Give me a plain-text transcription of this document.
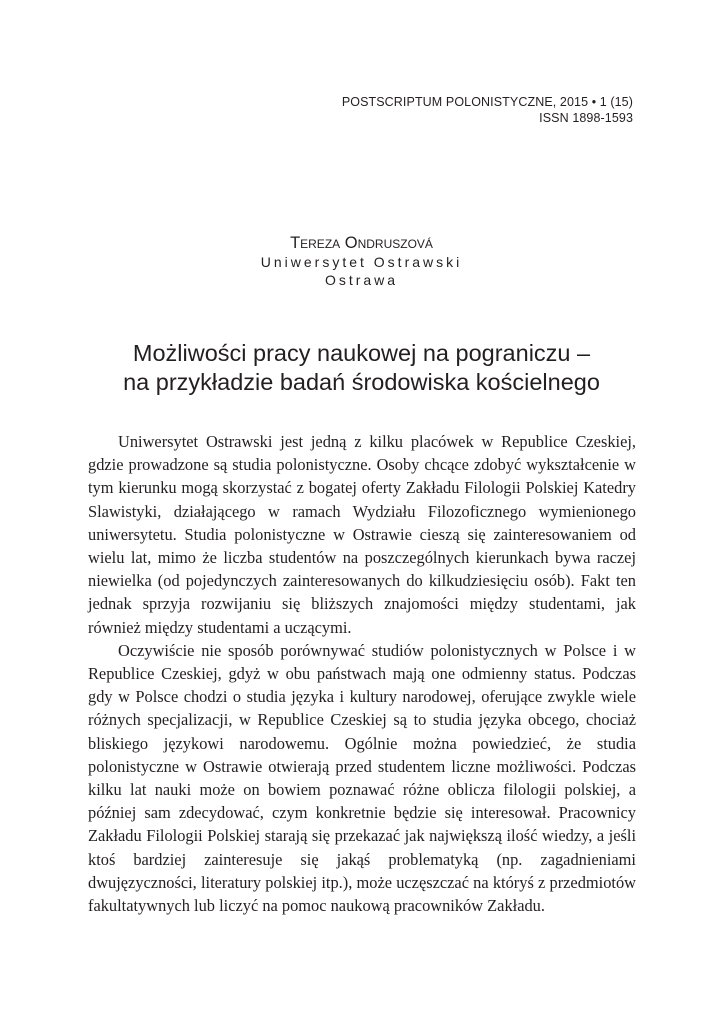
POSTSCRIPTUM POLONISTYCZNE, 2015 • 1 (15)
ISSN 1898-1593
Tereza Ondruszová
Uniwersytet Ostrawski
Ostrawa
Możliwości pracy naukowej na pograniczu –
na przykładzie badań środowiska kościelnego

Uniwersytet Ostrawski jest jedną z kilku placówek w Republice Czeskiej, gdzie prowadzone są studia polonistyczne. Osoby chcące zdobyć wykształcenie w tym kierunku mogą skorzystać z bogatej oferty Zakładu Filologii Polskiej Katedry Slawistyki, działającego w ramach Wydziału Filozoficznego wymienionego uniwersytetu. Studia polonistyczne w Ostrawie cieszą się zainteresowaniem od wielu lat, mimo że liczba studentów na poszczególnych kierunkach bywa raczej niewielka (od pojedynczych zainteresowanych do kilkudziesięciu osób). Fakt ten jednak sprzyja rozwijaniu się bliższych znajomości między studentami, jak również między studentami a uczącymi.

Oczywiście nie sposób porównywać studiów polonistycznych w Polsce i w Republice Czeskiej, gdyż w obu państwach mają one odmienny status. Podczas gdy w Polsce chodzi o studia języka i kultury narodowej, oferujące zwykle wiele różnych specjalizacji, w Republice Czeskiej są to studia języka obcego, chociaż bliskiego językowi narodowemu. Ogólnie można powiedzieć, że studia polonistyczne w Ostrawie otwierają przed studentem liczne możliwości. Podczas kilku lat nauki może on bowiem poznawać różne oblicza filologii polskiej, a później sam zdecydować, czym konkretnie będzie się interesował. Pracownicy Zakładu Filologii Polskiej starają się przekazać jak największą ilość wiedzy, a jeśli ktoś bardziej zainteresuje się jakąś problematyką (np. zagadnieniami dwujęzyczności, literatury polskiej itp.), może uczęszczać na któryś z przedmiotów fakultatywnych lub liczyć na pomoc naukową pracowników Zakładu.
